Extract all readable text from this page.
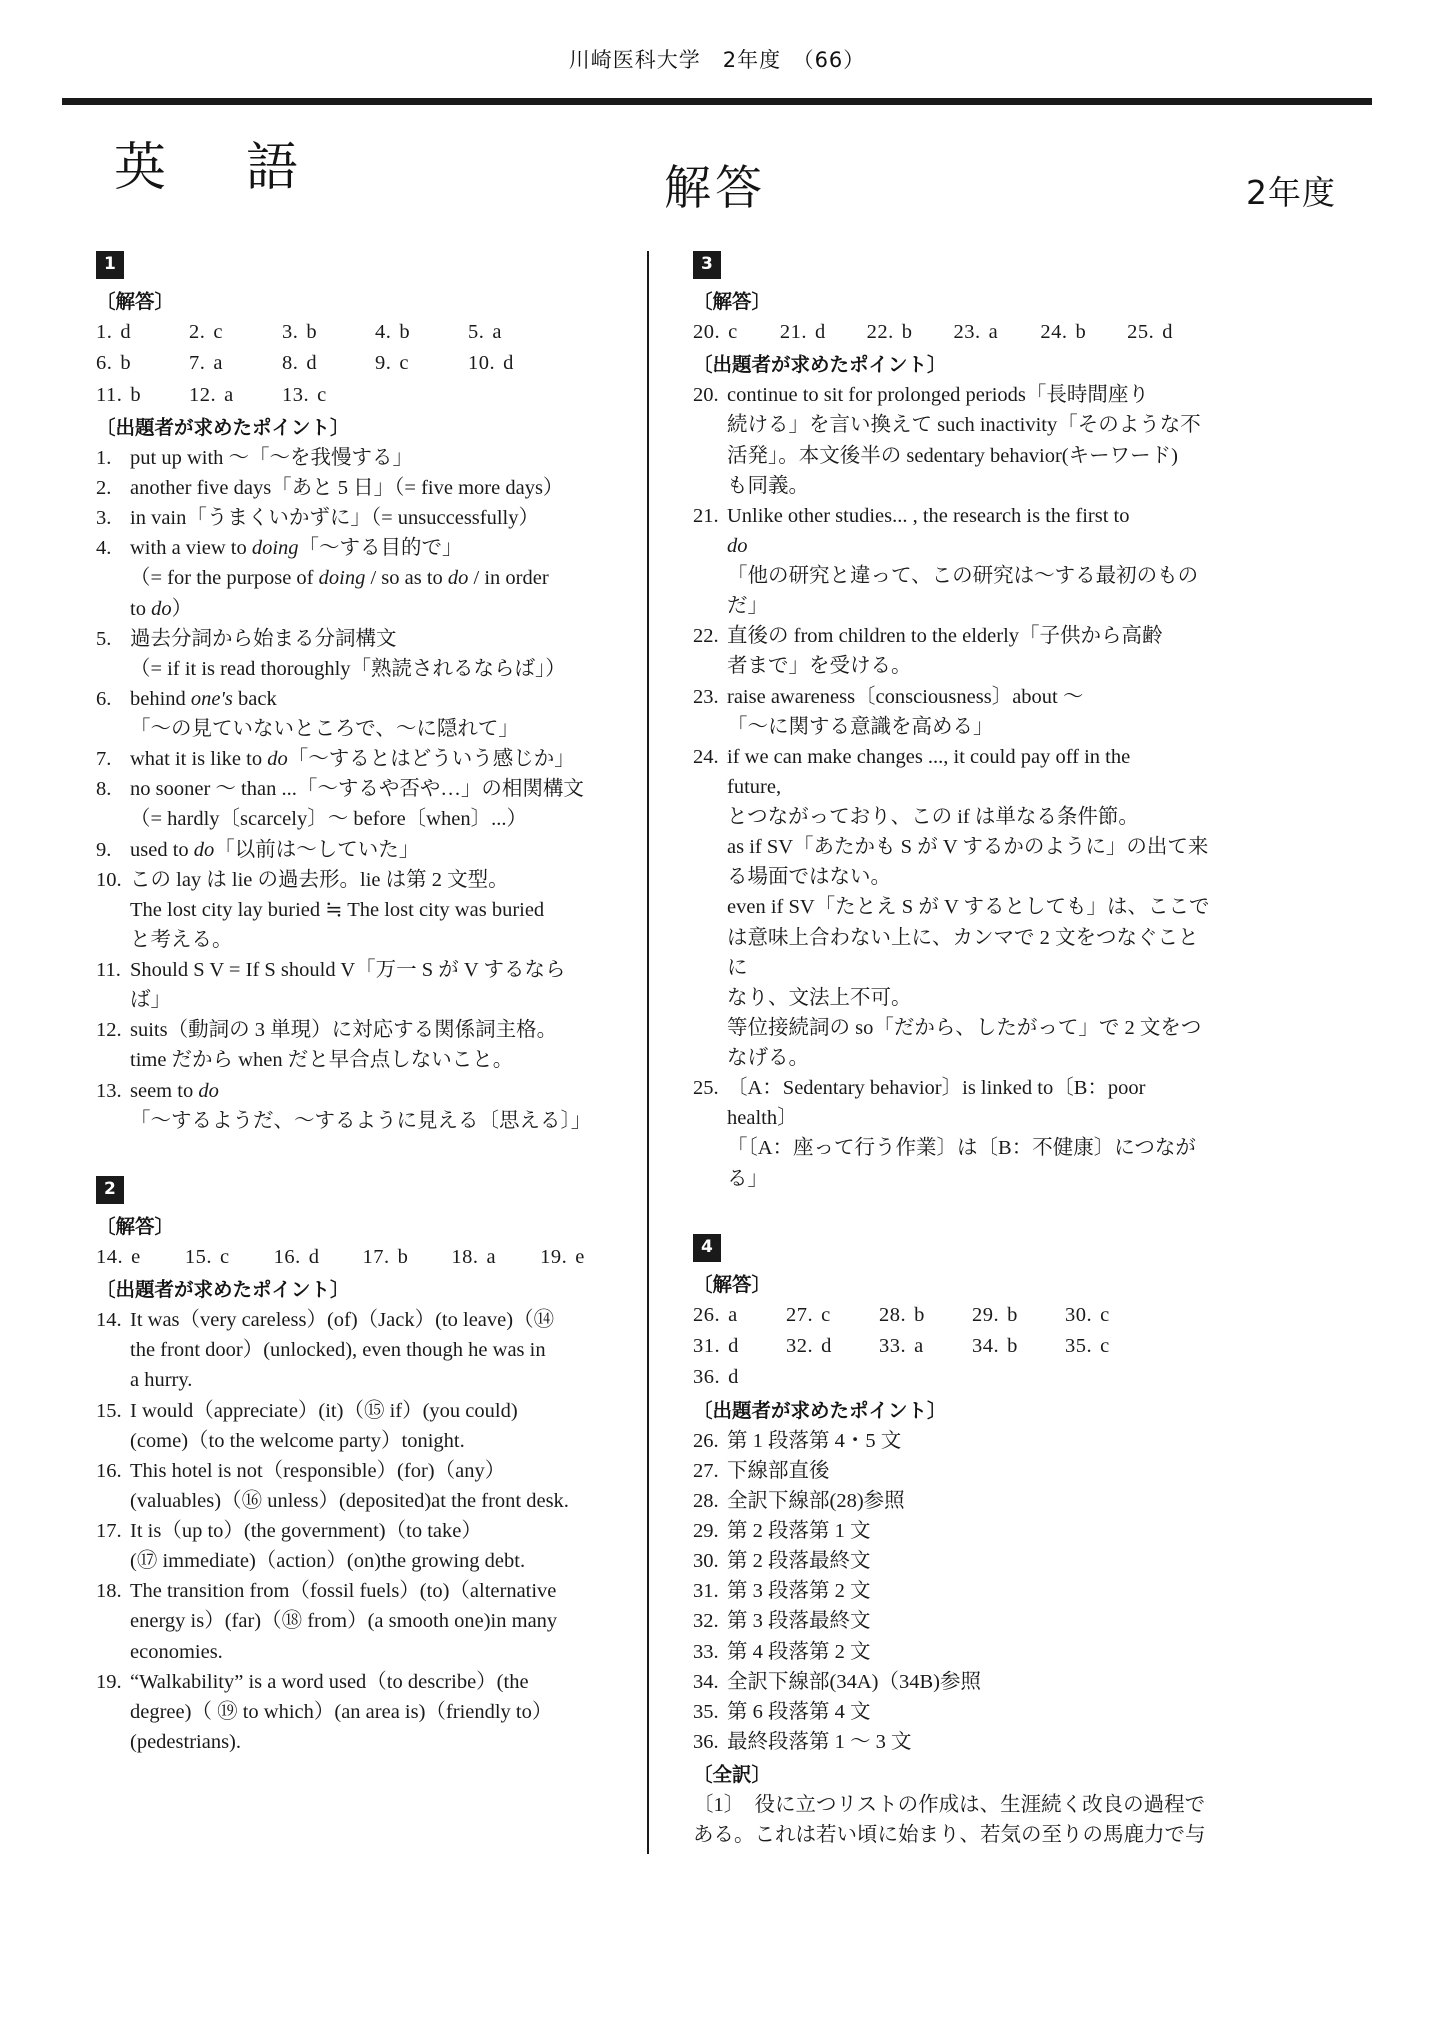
川崎医科大学　2年度　（66）
英　語	解答	2年度
1
〔解答〕
1. d	2. c	3. b	4. b	5. a
6. b	7. a	8. d	9. c	10. d
11. b	12. a	13. c
〔出題者が求めたポイント〕
1. put up with 〜「〜を我慢する」
2. another five days「あと 5 日」（= five more days）
3. in vain「うまくいかずに」（= unsuccessfully）
4. with a view to doing「〜する目的で」
（= for the purpose of doing / so as to do / in order
to do）
5. 過去分詞から始まる分詞構文
（= if it is read thoroughly「熟読されるならば」）
6. behind one's back
「〜の見ていないところで、〜に隠れて」
7. what it is like to do「〜するとはどういう感じか」
8. no sooner 〜 than ...「〜するや否や…」の相関構文
（= hardly〔scarcely〕〜 before〔when〕...）
9. used to do「以前は〜していた」
10. この lay は lie の過去形。lie は第 2 文型。
The lost city lay buried ≒ The lost city was buried
と考える。
11. Should S V = If S should V「万一 S が V するなら
ば」
12. suits（動詞の 3 単現）に対応する関係詞主格。
time だから when だと早合点しないこと。
13. seem to do
「〜するようだ、〜するように見える〔思える〕」
2
〔解答〕
14. e	15. c	16. d	17. b	18. a	19. e
〔出題者が求めたポイント〕
14. It was（very careless）(of)（Jack）(to leave)（⑭
the front door）(unlocked), even though he was in
a hurry.
15. I would（appreciate）(it)（⑮ if）(you could)
(come)（to the welcome party）tonight.
16. This hotel is not（responsible）(for)（any）
(valuables)（⑯ unless）(deposited)at the front desk.
17. It is（up to）(the government)（to take）
(⑰ immediate)（action）(on)the growing debt.
18. The transition from（fossil fuels）(to)（alternative
energy is）(far)（⑱ from）(a smooth one)in many
economies.
19. “Walkability” is a word used（to describe）(the
degree)（ ⑲ to which）(an area is)（friendly to）
(pedestrians).
3
〔解答〕
20. c	21. d	22. b	23. a	24. b	25. d
〔出題者が求めたポイント〕
20. continue to sit for prolonged periods「長時間座り
続ける」を言い換えて such inactivity「そのような不
活発」。本文後半の sedentary behavior(キーワード)
も同義。
21. Unlike other studies... , the research is the first to
do
「他の研究と違って、この研究は〜する最初のものだ」
22. 直後の from children to the elderly「子供から高齢
者まで」を受ける。
23. raise awareness〔consciousness〕about 〜
「〜に関する意識を高める」
24. if we can make changes ..., it could pay off in the
future,
とつながっており、この if は単なる条件節。
as if SV「あたかも S が V するかのように」の出て来
る場面ではない。
even if SV「たとえ S が V するとしても」は、ここで
は意味上合わない上に、カンマで 2 文をつなぐことに
なり、文法上不可。
等位接続詞の so「だから、したがって」で 2 文をつ
なげる。
25. 〔A：Sedentary behavior〕is linked to〔B：poor
health〕
「〔A：座って行う作業〕は〔B：不健康〕につながる」
4
〔解答〕
26. a	27. c	28. b	29. b	30. c
31. d	32. d	33. a	34. b	35. c
36. d
〔出題者が求めたポイント〕
26. 第 1 段落第 4・5 文
27. 下線部直後
28. 全訳下線部(28)参照
29. 第 2 段落第 1 文
30. 第 2 段落最終文
31. 第 3 段落第 2 文
32. 第 3 段落最終文
33. 第 4 段落第 2 文
34. 全訳下線部(34A)（34B)参照
35. 第 6 段落第 4 文
36. 最終段落第 1 〜 3 文
〔全訳〕
〔1〕　役に立つリストの作成は、生涯続く改良の過程で
ある。これは若い頃に始まり、若気の至りの馬鹿力で与
